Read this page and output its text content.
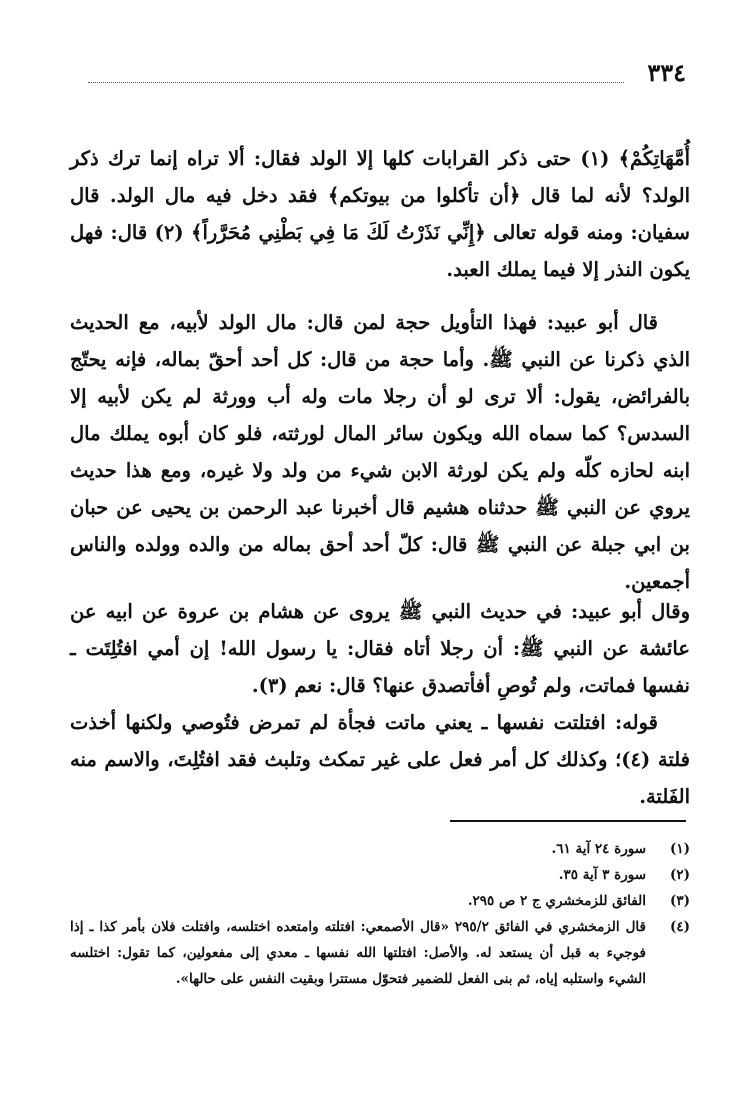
٣٣٤

أُمَّهَاتِكُمْ﴾ (١) حتى ذكر القرابات كلها إلا الولد فقال: ألا تراه إنما ترك ذكر الولد؟ لأنه لما قال ﴿أن تأكلوا من بيوتكم﴾ فقد دخل فيه مال الولد. قال سفيان: ومنه قوله تعالى ﴿إِنِّي نَذَرْتُ لَكَ مَا فِي بَطْنِي مُحَرَّراً﴾ (٢) قال: فهل يكون النذر إلا فيما يملك العبد.

قال أبو عبيد: فهذا التأويل حجة لمن قال: مال الولد لأبيه، مع الحديث الذي ذكرنا عن النبي ﷺ. وأما حجة من قال: كل أحد أحقّ بماله، فإنه يحتّج بالفرائض، يقول: ألا ترى لو أن رجلا مات وله أب وورثة لم يكن لأبيه إلا السدس؟ كما سماه الله ويكون سائر المال لورثته، فلو كان أبوه يملك مال ابنه لحازه كلّه ولم يكن لورثة الابن شيء من ولد ولا غيره، ومع هذا حديث يروي عن النبي ﷺ حدثناه هشيم قال أخبرنا عبد الرحمن بن يحيى عن حبان بن ابي جبلة عن النبي ﷺ قال: كلّ أحد أحق بماله من والده وولده والناس أجمعين.

وقال أبو عبيد: في حديث النبي ﷺ يروى عن هشام بن عروة عن ابيه عن عائشة عن النبي ﷺ: أن رجلا أتاه فقال: يا رسول الله! إن أمي افتُلِتَت ـ نفسها فماتت، ولم تُوصِ أفأتصدق عنها؟ قال: نعم (٣).

قوله: افتلتت نفسها ـ يعني ماتت فجأة لم تمرض فتُوصي ولكنها أخذت فلتة (٤)؛ وكذلك كل أمر فعل على غير تمكث وتلبث فقد افتُلِتَ، والاسم منه الفَلتة.

(١)
سورة ٢٤ آية ٦١.
(٢)
سورة ٣ آية ٣٥.
(٣)
الفائق للزمخشري ج ٢ ص ٢٩٥.
(٤)
قال الزمخشري في الفائق ٢٩٥/٢ «قال الأصمعي: افتلته وامتعده اختلسه، وافتلت فلان بأمر كذا ـ إذا فوجيء به قبل أن يستعد له. والأصل: افتلتها الله نفسها ـ معدي إلى مفعولين، كما تقول: اختلسه الشيء واستلبه إياه، ثم بنى الفعل للضمير فتحوّل مستترا وبقيت النفس على حالها».
